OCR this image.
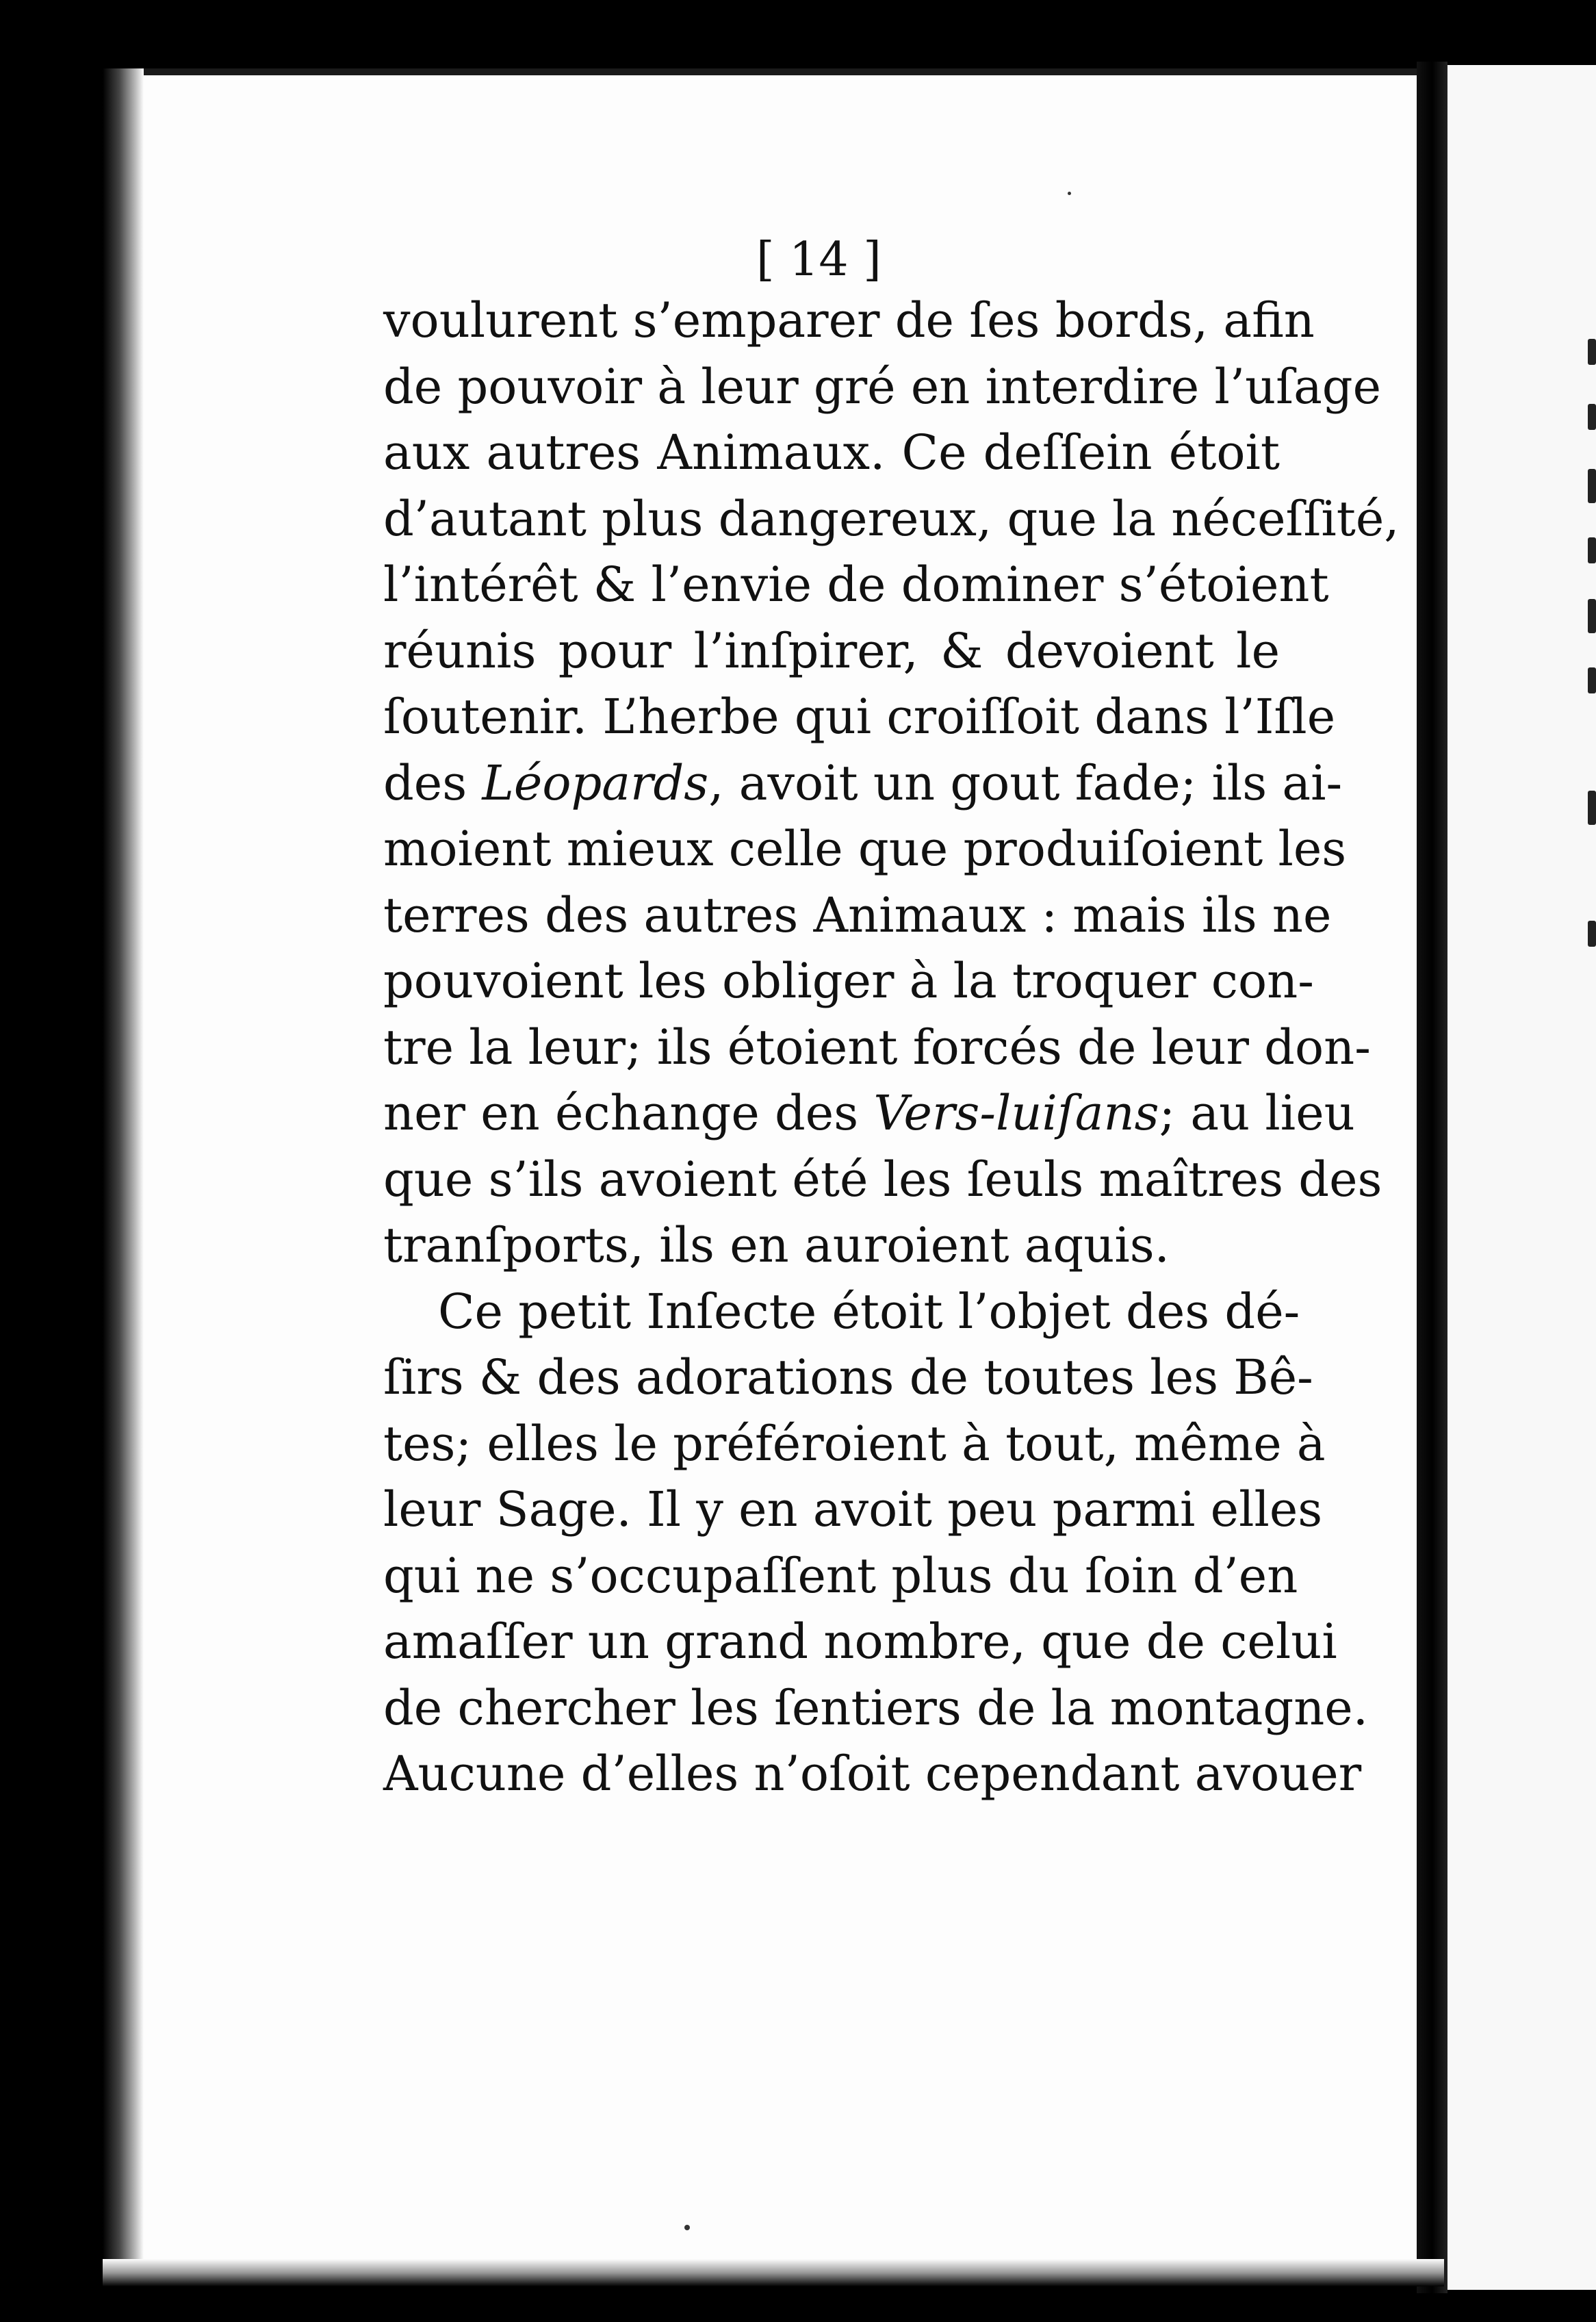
[ 14 ]
voulurent s’emparer de ſes bords, afin
de pouvoir à leur gré en interdire l’uſage
aux autres Animaux. Ce deſſein étoit
d’autant plus dangereux, que la néceſſité,
l’intérêt & l’envie de dominer s’étoient
réunis pour l’inſpirer, & devoient le
ſoutenir. L’herbe qui croiſſoit dans l’Iſle
des Léopards, avoit un gout fade; ils ai-
moient mieux celle que produiſoient les
terres des autres Animaux : mais ils ne
pouvoient les obliger à la troquer con-
tre la leur; ils étoient forcés de leur don-
ner en échange des Vers-luiſans; au lieu
que s’ils avoient été les ſeuls maîtres des
tranſports, ils en auroient aquis.
Ce petit Inſecte étoit l’objet des dé-
ſirs & des adorations de toutes les Bê-
tes; elles le préféroient à tout, même à
leur Sage. Il y en avoit peu parmi elles
qui ne s’occupaſſent plus du ſoin d’en
amaſſer un grand nombre, que de celui
de chercher les ſentiers de la montagne.
Aucune d’elles n’oſoit cependant avouer
